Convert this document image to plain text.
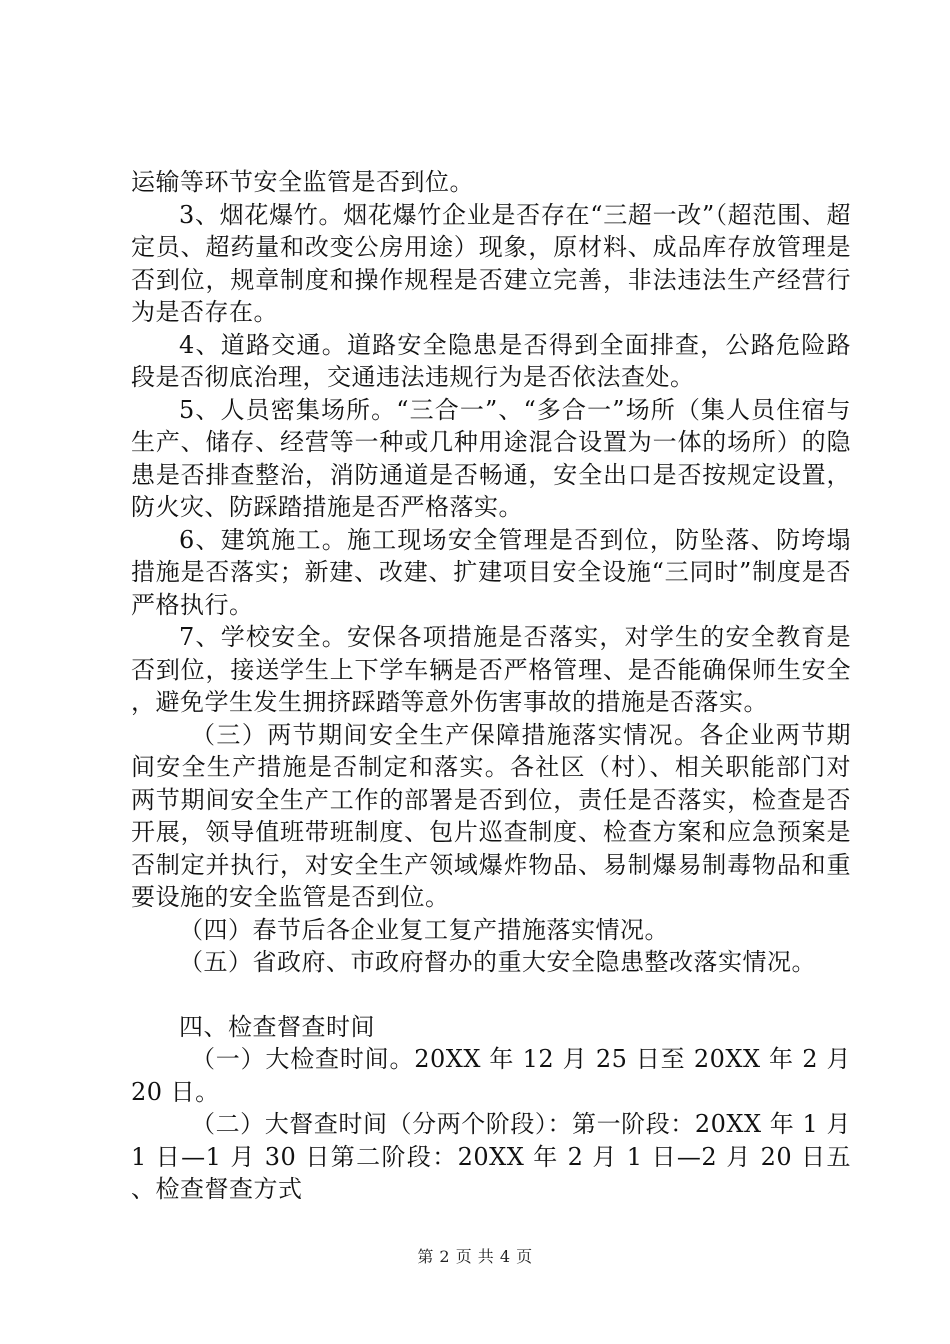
运输等环节安全监管是否到位。

3、烟花爆竹。烟花爆竹企业是否存在“三超一改”（超范围、超定员、超药量和改变公房用途）现象，原材料、成品库存放管理是否到位，规章制度和操作规程是否建立完善，非法违法生产经营行为是否存在。

4、道路交通。道路安全隐患是否得到全面排查，公路危险路段是否彻底治理，交通违法违规行为是否依法查处。

5、人员密集场所。“三合一”、“多合一”场所（集人员住宿与生产、储存、经营等一种或几种用途混合设置为一体的场所）的隐患是否排查整治，消防通道是否畅通，安全出口是否按规定设置，防火灾、防踩踏措施是否严格落实。

6、建筑施工。施工现场安全管理是否到位，防坠落、防垮塌措施是否落实；新建、改建、扩建项目安全设施“三同时”制度是否严格执行。

7、学校安全。安保各项措施是否落实，对学生的安全教育是否到位，接送学生上下学车辆是否严格管理、是否能确保师生安全，避免学生发生拥挤踩踏等意外伤害事故的措施是否落实。

（三）两节期间安全生产保障措施落实情况。各企业两节期间安全生产措施是否制定和落实。各社区（村）、相关职能部门对两节期间安全生产工作的部署是否到位，责任是否落实，检查是否开展，领导值班带班制度、包片巡查制度、检查方案和应急预案是否制定并执行，对安全生产领域爆炸物品、易制爆易制毒物品和重要设施的安全监管是否到位。

（四）春节后各企业复工复产措施落实情况。

（五）省政府、市政府督办的重大安全隐患整改落实情况。

四、检查督查时间

（一）大检查时间。20XX 年 12 月 25 日至 20XX 年 2 月 20 日。

（二）大督查时间（分两个阶段）：第一阶段：20XX 年 1 月 1 日—1 月 30 日第二阶段：20XX 年 2 月 1 日—2 月 20 日五、检查督查方式

第 2 页 共 4 页
